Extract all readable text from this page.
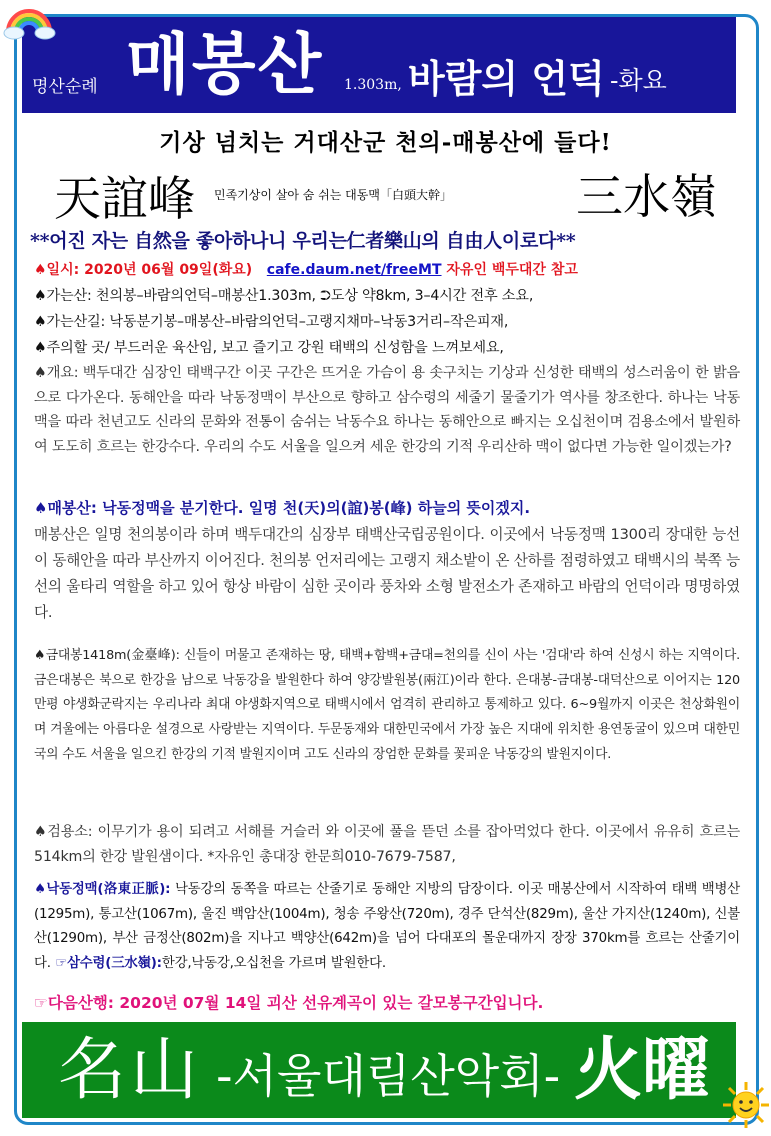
명산순례 매봉산 1.303m, 바람의 언덕 -화요
기상 넘치는 거대산군 천의-매봉산에 들다!
天誼峰 민족기상이 살아 숨 쉬는 대동맥「白頭大幹」	三水嶺
**어진 자는 自然을 좋아하나니 우리는仁者樂山의 自由人이로다**
♠일시: 2020년 06월 09일(화요) cafe.daum.net/freeMT 자유인 백두대간 참고
♠가는산: 천의봉–바람의언덕–매봉산1.303m, ⮊도상 약8km, 3–4시간 전후 소요,
♠가는산길: 낙동분기봉–매봉산–바람의언덕–고랭지채마–낙동3거리–작은피재,
♠주의할 곳/ 부드러운 육산임, 보고 즐기고 강원 태백의 신성함을 느껴보세요,
♠개요: 백두대간 심장인 태백구간 이곳 구간은 뜨거운 가슴이 용 솟구치는 기상과 신성한 태백의 성스러움이 한 밝음으로 다가온다. 동해안을 따라 낙동정맥이 부산으로 향하고 삼수령의 세줄기 물줄기가 역사를 창조한다. 하나는 낙동맥을 따라 천년고도 신라의 문화와 전통이 숨쉬는 낙동수요 하나는 동해안으로 빠지는 오십천이며 검용소에서 발원하여 도도히 흐르는 한강수다. 우리의 수도 서울을 일으켜 세운 한강의 기적 우리산하 맥이 없다면 가능한 일이겠는가?
♠매봉산: 낙동정맥을 분기한다. 일명 천(天)의(誼)봉(峰) 하늘의 뜻이겠지.
매봉산은 일명 천의봉이라 하며 백두대간의 심장부 태백산국립공원이다. 이곳에서 낙동정맥 1300리 장대한 능선이 동해안을 따라 부산까지 이어진다. 천의봉 언저리에는 고랭지 채소밭이 온 산하를 점령하였고 태백시의 북쪽 능선의 울타리 역할을 하고 있어 항상 바람이 심한 곳이라 풍차와 소형 발전소가 존재하고 바람의 언덕이라 명명하였다.
♠금대봉1418m(金臺峰): 신들이 머물고 존재하는 땅, 태백+함백+금대=천의를 신이 사는 '검대'라 하여 신성시 하는 지역이다. 금은대봉은 북으로 한강을 남으로 낙동강을 발원한다 하여 양강발원봉(兩江)이라 한다. 은대봉-금대봉-대덕산으로 이어지는 120만평 야생화군락지는 우리나라 최대 야생화지역으로 태백시에서 엄격히 관리하고 통제하고 있다. 6~9월까지 이곳은 천상화원이며 겨울에는 아름다운 설경으로 사랑받는 지역이다. 두문동재와 대한민국에서 가장 높은 지대에 위치한 용연동굴이 있으며 대한민국의 수도 서울을 일으킨 한강의 기적 발원지이며 고도 신라의 장엄한 문화를 꽃피운 낙동강의 발원지이다.
♠검용소: 이무기가 용이 되려고 서해를 거슬러 와 이곳에 풀을 뜯던 소를 잡아먹었다 한다. 이곳에서 유유히 흐르는 514km의 한강 발원샘이다. *자유인 총대장 한문희010-7679-7587,
♠낙동정맥(洛東正脈): 낙동강의 동쪽을 따르는 산줄기로 동해안 지방의 담장이다. 이곳 매봉산에서 시작하여 태백 백병산(1295m), 통고산(1067m), 울진 백암산(1004m), 청송 주왕산(720m), 경주 단석산(829m), 울산 가지산(1240m), 신불산(1290m), 부산 금정산(802m)을 지나고 백양산(642m)을 넘어 다대포의 몰운대까지 장장 370km를 흐르는 산줄기이다. ☞삼수령(三水嶺):한강,낙동강,오십천을 가르며 발원한다.
☞다음산행: 2020년 07월 14일 괴산 선유계곡이 있는 갈모봉구간입니다.
名山 -서울대림산악회- 火曜
